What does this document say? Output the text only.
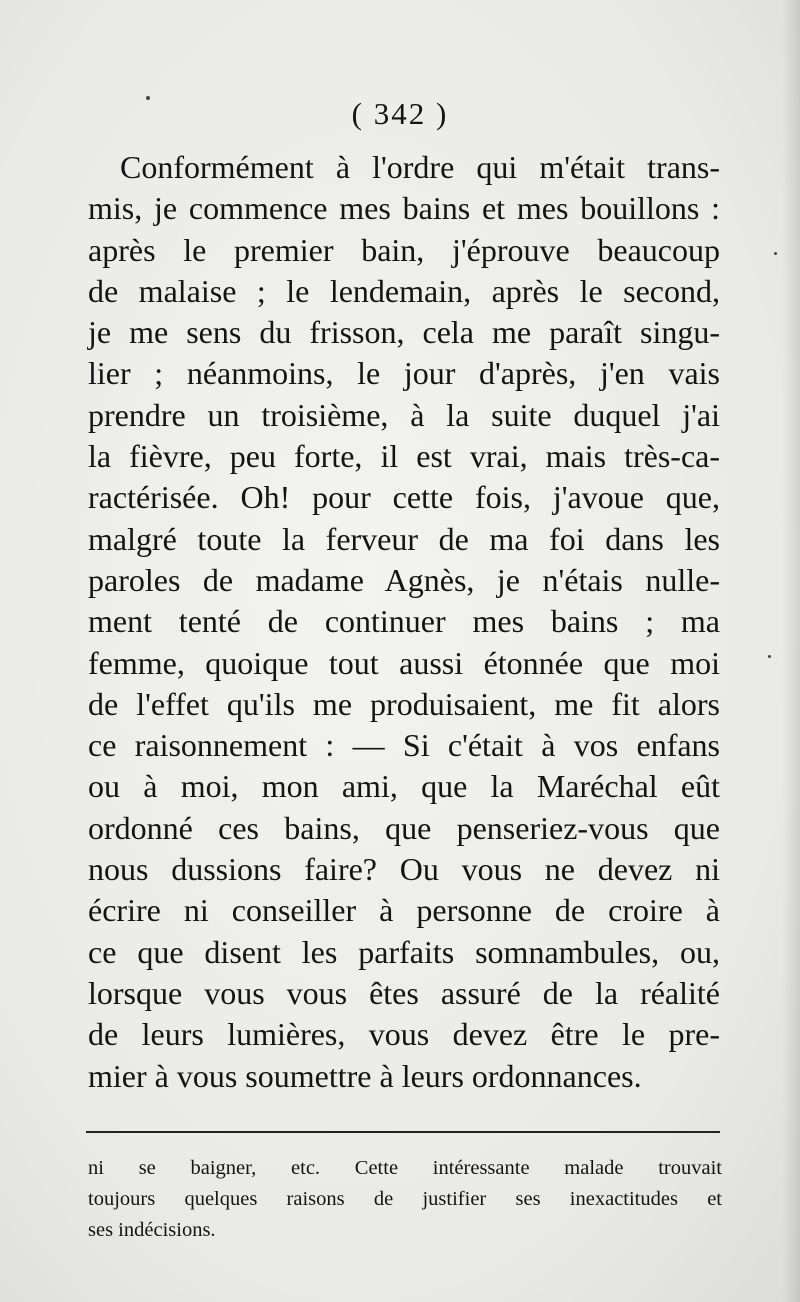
( 342 )
Conformément à l'ordre qui m'était trans-
mis, je commence mes bains et mes bouillons :
après le premier bain, j'éprouve beaucoup
de malaise ; le lendemain, après le second,
je me sens du frisson, cela me paraît singu-
lier ; néanmoins, le jour d'après, j'en vais
prendre un troisième, à la suite duquel j'ai
la fièvre, peu forte, il est vrai, mais très-ca-
ractérisée. Oh! pour cette fois, j'avoue que,
malgré toute la ferveur de ma foi dans les
paroles de madame Agnès, je n'étais nulle-
ment tenté de continuer mes bains ; ma
femme, quoique tout aussi étonnée que moi
de l'effet qu'ils me produisaient, me fit alors
ce raisonnement : — Si c'était à vos enfans
ou à moi, mon ami, que la Maréchal eût
ordonné ces bains, que penseriez-vous que
nous dussions faire? Ou vous ne devez ni
écrire ni conseiller à personne de croire à
ce que disent les parfaits somnambules, ou,
lorsque vous vous êtes assuré de la réalité
de leurs lumières, vous devez être le pre-
mier à vous soumettre à leurs ordonnances.
ni se baigner, etc. Cette intéressante malade trouvait
toujours quelques raisons de justifier ses inexactitudes et
ses indécisions.
